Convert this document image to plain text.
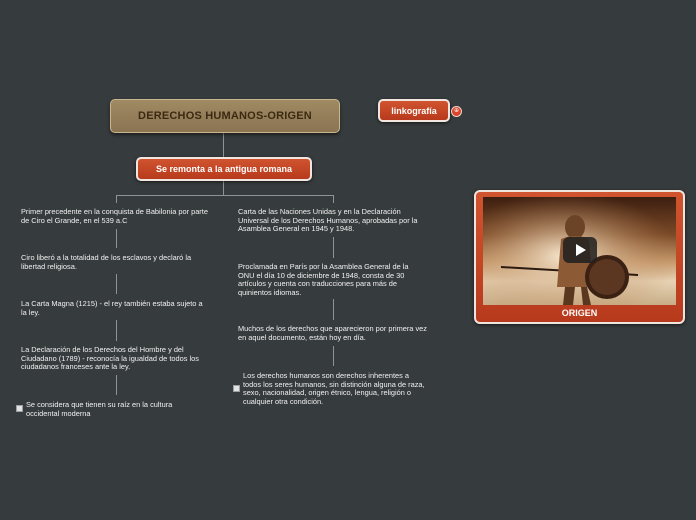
DERECHOS HUMANOS-ORIGEN
Se remonta a la antigua romana
linkografía	⊕
Primer precedente en la conquista de Babilonia por parte de Ciro el Grande, en el 539 a.C
Ciro liberó a la totalidad de los esclavos y declaró la libertad religiosa.
La Carta Magna (1215) - el rey también estaba sujeto a la ley.
La Declaración de los Derechos del Hombre y del Ciudadano (1789) - reconocía la igualdad de todos los ciudadanos franceses ante la ley.
Se considera que tienen su raíz en la cultura occidental moderna
Carta de las Naciones Unidas y en la Declaración Universal de los Derechos Humanos, aprobadas por la Asamblea General en 1945 y 1948.
Proclamada en París por la Asamblea General de la ONU el día 10 de diciembre de 1948, consta de 30 artículos y cuenta con traducciones para más de quinientos idiomas.
Muchos de los derechos que aparecieron por primera vez en aquel documento, están hoy en día.
Los derechos humanos son derechos inherentes a todos los seres humanos, sin distinción alguna de raza, sexo, nacionalidad, origen étnico, lengua, religión o cualquier otra condición.
ORIGEN
